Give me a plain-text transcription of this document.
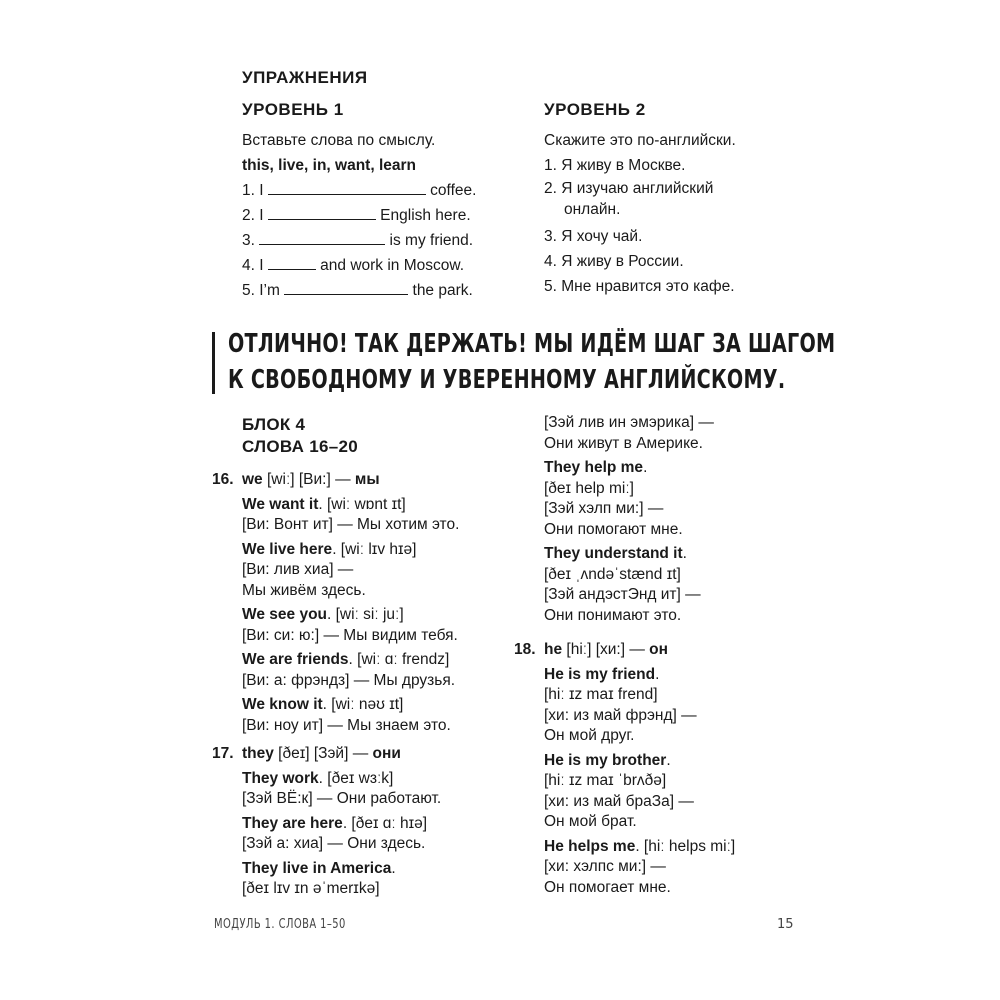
УПРАЖНЕНИЯ
УРОВЕНЬ 1
Вставьте слова по смыслу.
this, live, in, want, learn
1. I	coffee.
2. I	English here.
3.	is my friend.
4. I	and work in Moscow.
5. I’m	the park.
УРОВЕНЬ 2
Скажите это по-английски.
1. Я живу в Москве.
2. Я изучаю английский
онлайн.
3. Я хочу чай.
4. Я живу в России.
5. Мне нравится это кафе.
ОТЛИЧНО! ТАК ДЕРЖАТЬ! МЫ ИДЁМ ШАГ ЗА ШАГОМ
К СВОБОДНОМУ И УВЕРЕННОМУ АНГЛИЙСКОМУ.
БЛОК 4
СЛОВА 16–20
16. we [wiː] [Ви:] — мы
We want it. [wiː wɒnt ɪt]
[Ви: Вонт ит] — Мы хотим это.
We live here. [wiː lɪv hɪə]
[Ви: лив хиа] —
Мы живём здесь.
We see you. [wiː siː juː]
[Ви: си: ю:] — Мы видим тебя.
We are friends. [wiː ɑː frendz]
[Ви: а: фрэндз] — Мы друзья.
We know it. [wiː nəʊ ɪt]
[Ви: ноу ит] — Мы знаем это.
17. they [ðeɪ] [Зэй] — они
They work. [ðeɪ wɜːk]
[Зэй ВЁ:к] — Они работают.
They are here. [ðeɪ ɑː hɪə]
[Зэй а: хиа] — Они здесь.
They live in America.
[ðeɪ lɪv ɪn əˈmerɪkə]
[Зэй лив ин эмэрика] —
Они живут в Америке.
They help me.
[ðeɪ help miː]
[Зэй хэлп ми:] —
Они помогают мне.
They understand it.
[ðeɪ ˌʌndəˈstænd ɪt]
[Зэй андэстЭнд ит] —
Они понимают это.
18. he [hiː] [хи:] — он
He is my friend.
[hiː ɪz maɪ frend]
[хи: из май фрэнд] —
Он мой друг.
He is my brother.
[hiː ɪz maɪ ˈbrʌðə]
[хи: из май браЗа] —
Он мой брат.
He helps me. [hiː helps miː]
[хи: хэлпс ми:] —
Он помогает мне.
МОДУЛЬ 1. СЛОВА 1–50	15
